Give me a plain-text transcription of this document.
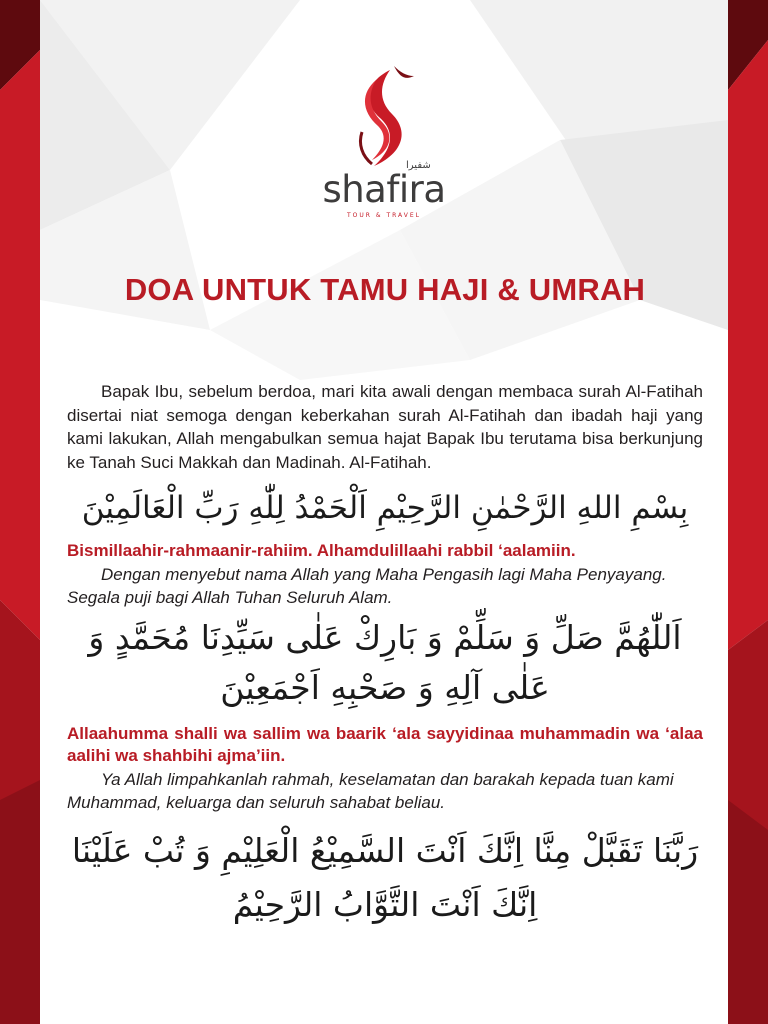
شفيرا
shafira
TOUR & TRAVEL
DOA UNTUK TAMU HAJI & UMRAH

Bapak Ibu, sebelum berdoa, mari kita awali dengan membaca surah Al-Fatihah disertai niat semoga dengan keberkahan surah Al-Fatihah dan ibadah haji yang kami lakukan, Allah mengabulkan semua hajat Bapak Ibu terutama bisa berkunjung ke Tanah Suci Makkah dan Madinah. Al-Fatihah.

بِسْمِ اللهِ الرَّحْمٰنِ الرَّحِيْمِ اَلْحَمْدُ لِلّٰهِ رَبِّ الْعَالَمِيْنَ

Bismillaahir-rahmaanir-rahiim. Alhamdulillaahi rabbil ‘aalamiin.

Dengan menyebut nama Allah yang Maha Pengasih lagi Maha Penyayang. Segala puji bagi Allah Tuhan Seluruh Alam.

اَللّٰهُمَّ صَلِّ وَ سَلِّمْ وَ بَارِكْ عَلٰى سَيِّدِنَا مُحَمَّدٍ وَ عَلٰى آلِهِ وَ صَحْبِهِ اَجْمَعِيْنَ

Allaahumma shalli wa sallim wa baarik ‘ala sayyidinaa muhammadin wa ‘alaa aalihi wa shahbihi ajma’iin.

Ya Allah limpahkanlah rahmah, keselamatan dan barakah kepada tuan kami Muhammad, keluarga dan seluruh sahabat beliau.

رَبَّنَا تَقَبَّلْ مِنَّا اِنَّكَ اَنْتَ السَّمِيْعُ الْعَلِيْمِ وَ تُبْ عَلَيْنَا اِنَّكَ اَنْتَ التَّوَّابُ الرَّحِيْمُ
